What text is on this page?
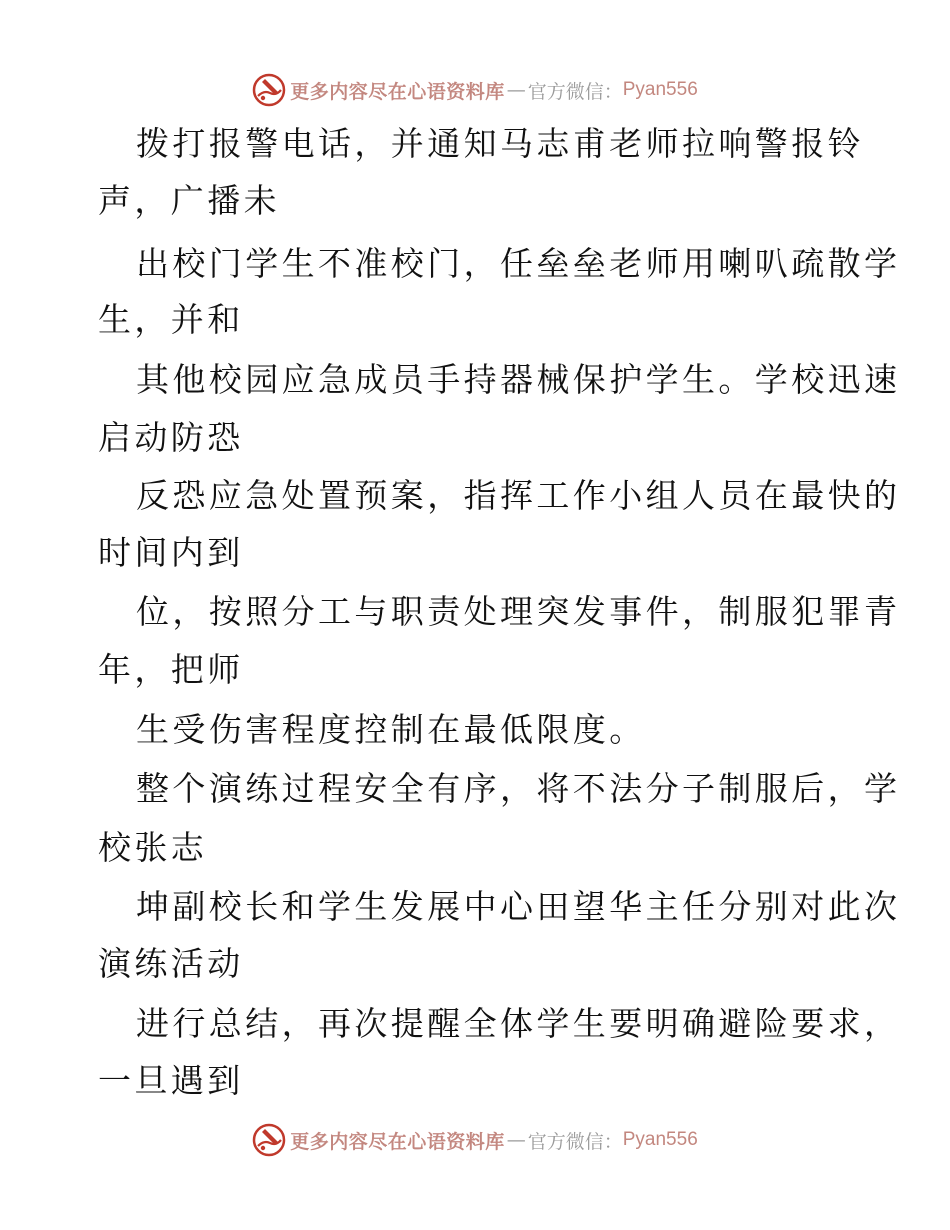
更多内容尽在心语资料库 — 官方微信： Pyan556
拨打报警电话，并通知马志甫老师拉响警报铃
声，广播未
出校门学生不准校门，任垒垒老师用喇叭疏散学
生，并和
其他校园应急成员手持器械保护学生。学校迅速
启动防恐
反恐应急处置预案，指挥工作小组人员在最快的
时间内到
位，按照分工与职责处理突发事件，制服犯罪青
年，把师
生受伤害程度控制在最低限度。
整个演练过程安全有序，将不法分子制服后，学
校张志
坤副校长和学生发展中心田望华主任分别对此次
演练活动
进行总结，再次提醒全体学生要明确避险要求，
一旦遇到
更多内容尽在心语资料库 — 官方微信： Pyan556
